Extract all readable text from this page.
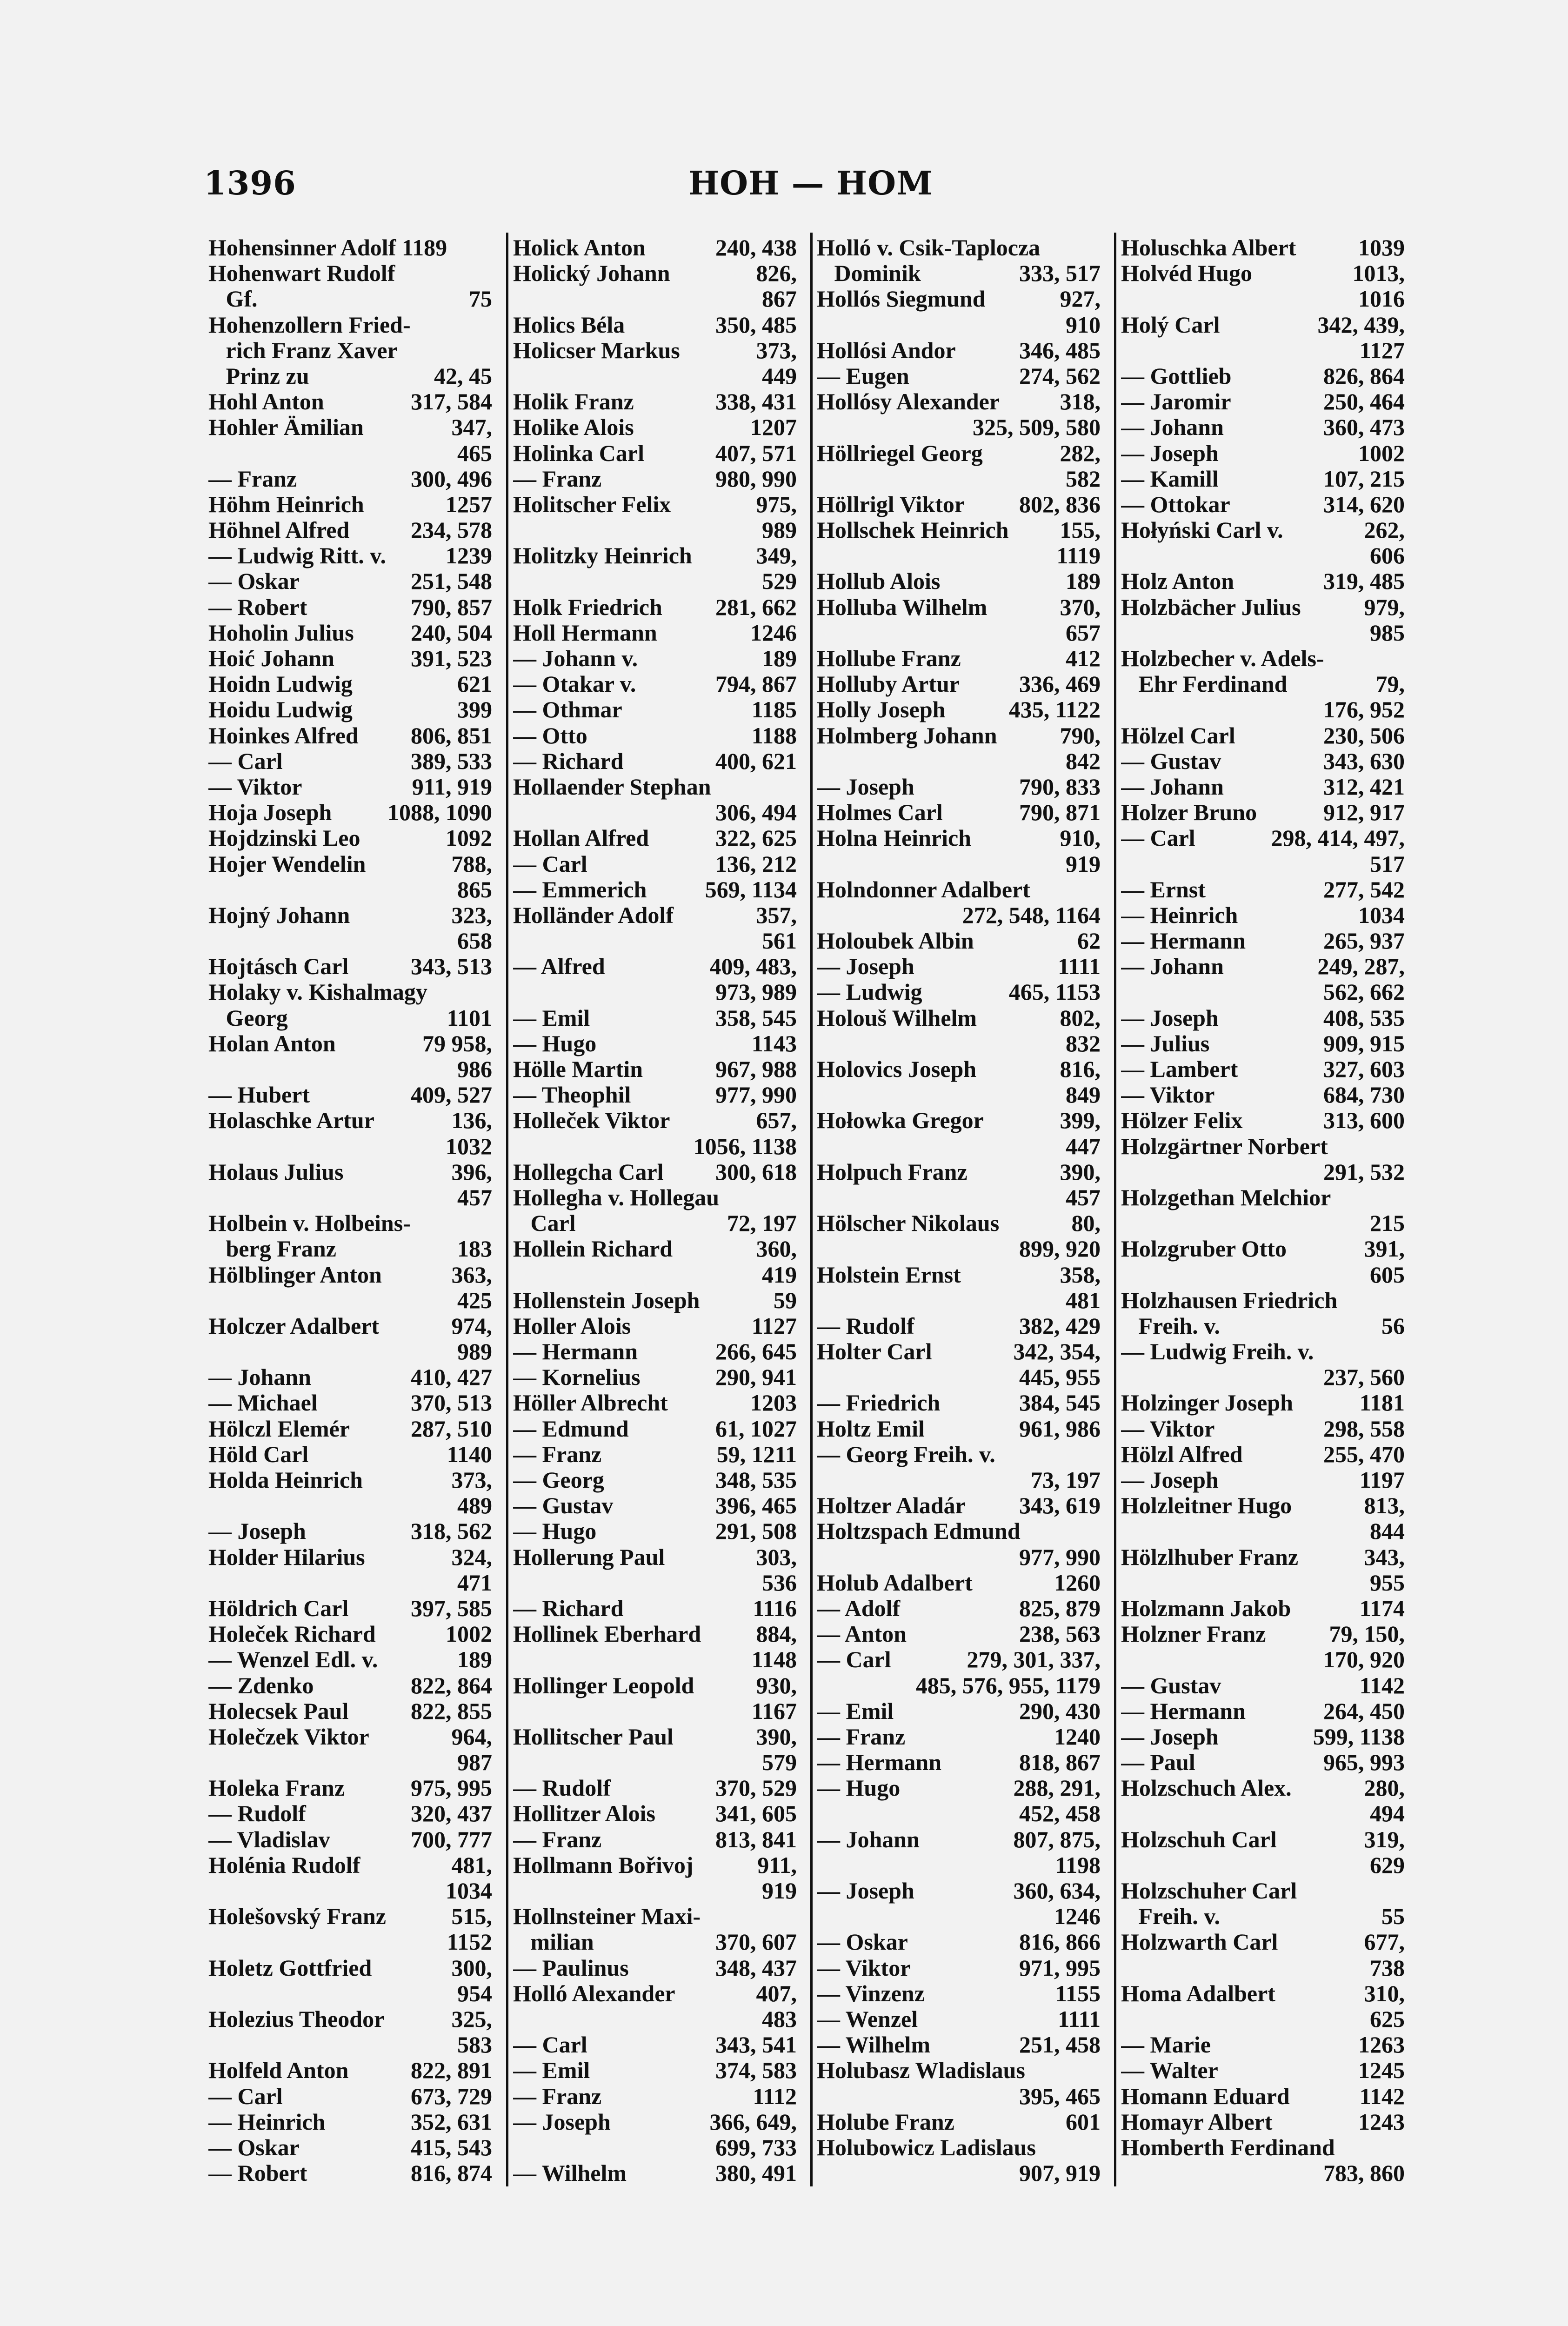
1396	HOH — HOM
Hohensinner Adolf 1189
Hohenwart Rudolf
Gf.	75
Hohenzollern Fried-
rich Franz Xaver
Prinz zu	42, 45
Hohl Anton	317, 584
Hohler Ämilian	347,
465
— Franz	300, 496
Höhm Heinrich	1257
Höhnel Alfred	234, 578
— Ludwig Ritt. v.	1239
— Oskar	251, 548
— Robert	790, 857
Hoholin Julius 240, 504
Hoić Johann	391, 523
Hoidn Ludwig	621
Hoidu Ludwig	399
Hoinkes Alfred 806, 851
— Carl	389, 533
— Viktor	911, 919
Hoja Joseph 1088, 1090
Hojdzinski Leo	1092
Hojer Wendelin	788,
865
Hojný Johann	323,
658
Hojtásch Carl	343, 513
Holaky v. Kishalmagy
Georg	1101
Holan Anton	79 958,
986
— Hubert	409, 527
Holaschke Artur	136,
1032
Holaus Julius	396,
457
Holbein v. Holbeins-
berg Franz	183
Hölblinger Anton	363,
425
Holczer Adalbert	974,
989
— Johann	410, 427
— Michael	370, 513
Hölczl Elemér	287, 510
Höld Carl	1140
Holda Heinrich	373,
489
— Joseph	318, 562
Holder Hilarius	324,
471
Höldrich Carl	397, 585
Holeček Richard	1002
— Wenzel Edl. v.	189
— Zdenko	822, 864
Holecsek Paul	822, 855
Holečzek Viktor	964,
987
Holeka Franz	975, 995
— Rudolf	320, 437
— Vladislav	700, 777
Holénia Rudolf	481,
1034
Holešovský Franz	515,
1152
Holetz Gottfried	300,
954
Holezius Theodor	325,
583
Holfeld Anton	822, 891
— Carl	673, 729
— Heinrich	352, 631
— Oskar	415, 543
— Robert	816, 874
Holick Anton	240, 438
Holický Johann	826,
867
Holics Béla	350, 485
Holicser Markus	373,
449
Holik Franz	338, 431
Holike Alois	1207
Holinka Carl	407, 571
— Franz	980, 990
Holitscher Felix	975,
989
Holitzky Heinrich	349,
529
Holk Friedrich 281, 662
Holl Hermann	1246
— Johann v.	189
— Otakar v.	794, 867
— Othmar	1185
— Otto	1188
— Richard	400, 621
Hollaender Stephan
306, 494
Hollan Alfred	322, 625
— Carl	136, 212
— Emmerich	569, 1134
Holländer Adolf	357,
561
— Alfred	409, 483,
973, 989
— Emil	358, 545
— Hugo	1143
Hölle Martin	967, 988
— Theophil	977, 990
Holleček Viktor	657,
1056, 1138
Hollegcha Carl 300, 618
Hollegha v. Hollegau
Carl	72, 197
Hollein Richard	360,
419
Hollenstein Joseph	59
Holler Alois	1127
— Hermann	266, 645
— Kornelius	290, 941
Höller Albrecht	1203
— Edmund	61, 1027
— Franz	59, 1211
— Georg	348, 535
— Gustav	396, 465
— Hugo	291, 508
Hollerung Paul	303,
536
— Richard	1116
Hollinek Eberhard 884,
1148
Hollinger Leopold	930,
1167
Hollitscher Paul	390,
579
— Rudolf	370, 529
Hollitzer Alois	341, 605
— Franz	813, 841
Hollmann Bořivoj	911,
919
Hollnsteiner Maxi-
milian	370, 607
— Paulinus	348, 437
Holló Alexander	407,
483
— Carl	343, 541
— Emil	374, 583
— Franz	1112
— Joseph	366, 649,
699, 733
— Wilhelm	380, 491
Holló v. Csik-Taplocza
Dominik	333, 517
Hollós Siegmund	927,
910
Hollósi Andor	346, 485
— Eugen	274, 562
Hollósy Alexander	318,
325, 509, 580
Höllriegel Georg	282,
582
Höllrigl Viktor 802, 836
Hollschek Heinrich 155,
1119
Hollub Alois	189
Holluba Wilhelm	370,
657
Hollube Franz	412
Holluby Artur	336, 469
Holly Joseph	435, 1122
Holmberg Johann	790,
842
— Joseph	790, 833
Holmes Carl	790, 871
Holna Heinrich	910,
919
Holndonner Adalbert
272, 548, 1164
Holoubek Albin	62
— Joseph	1111
— Ludwig	465, 1153
Holouš Wilhelm	802,
832
Holovics Joseph	816,
849
Hołowka Gregor	399,
447
Holpuch Franz	390,
457
Hölscher Nikolaus	80,
899, 920
Holstein Ernst	358,
481
— Rudolf	382, 429
Holter Carl	342, 354,
445, 955
— Friedrich	384, 545
Holtz Emil	961, 986
— Georg Freih. v.
73, 197
Holtzer Aladár 343, 619
Holtzspach Edmund
977, 990
Holub Adalbert	1260
— Adolf	825, 879
— Anton	238, 563
— Carl	279, 301, 337,
485, 576, 955, 1179
— Emil	290, 430
— Franz	1240
— Hermann	818, 867
— Hugo	288, 291,
452, 458
— Johann	807, 875,
1198
— Joseph	360, 634,
1246
— Oskar	816, 866
— Viktor	971, 995
— Vinzenz	1155
— Wenzel	1111
— Wilhelm	251, 458
Holubasz Wladislaus
395, 465
Holube Franz	601
Holubowicz Ladislaus
907, 919
Holuschka Albert	1039
Holvéd Hugo	1013,
1016
Holý Carl	342, 439,
1127
— Gottlieb	826, 864
— Jaromir	250, 464
— Johann	360, 473
— Joseph	1002
— Kamill	107, 215
— Ottokar	314, 620
Hołyński Carl v.	262,
606
Holz Anton	319, 485
Holzbächer Julius	979,
985
Holzbecher v. Adels-
Ehr Ferdinand	79,
176, 952
Hölzel Carl	230, 506
— Gustav	343, 630
— Johann	312, 421
Holzer Bruno	912, 917
— Carl	298, 414, 497,
517
— Ernst	277, 542
— Heinrich	1034
— Hermann	265, 937
— Johann	249, 287,
562, 662
— Joseph	408, 535
— Julius	909, 915
— Lambert	327, 603
— Viktor	684, 730
Hölzer Felix	313, 600
Holzgärtner Norbert
291, 532
Holzgethan Melchior
215
Holzgruber Otto	391,
605
Holzhausen Friedrich
Freih. v.	56
— Ludwig Freih. v.
237, 560
Holzinger Joseph	1181
— Viktor	298, 558
Hölzl Alfred	255, 470
— Joseph	1197
Holzleitner Hugo	813,
844
Hölzlhuber Franz	343,
955
Holzmann Jakob	1174
Holzner Franz	79, 150,
170, 920
— Gustav	1142
— Hermann	264, 450
— Joseph	599, 1138
— Paul	965, 993
Holzschuch Alex.	280,
494
Holzschuh Carl	319,
629
Holzschuher Carl
Freih. v.	55
Holzwarth Carl	677,
738
Homa Adalbert	310,
625
— Marie	1263
— Walter	1245
Homann Eduard	1142
Homayr Albert	1243
Homberth Ferdinand
783, 860
